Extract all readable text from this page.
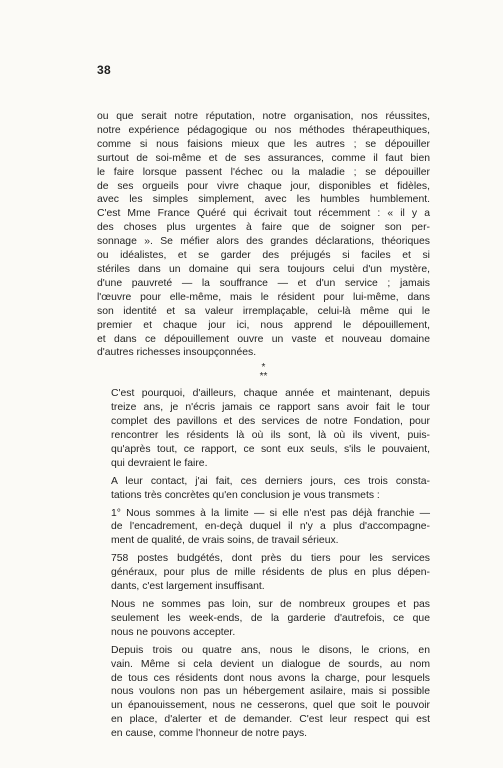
38

ou que serait notre réputation, notre organisation, nos réussites,
notre expérience pédagogique ou nos méthodes thérapeuthiques,
comme si nous faisions mieux que les autres ; se dépouiller
surtout de soi-même et de ses assurances, comme il faut bien
le faire lorsque passent l'échec ou la maladie ; se dépouiller
de ses orgueils pour vivre chaque jour, disponibles et fidèles,
avec les simples simplement, avec les humbles humblement.
C'est Mme France Quéré qui écrivait tout récemment : « il y a
des choses plus urgentes à faire que de soigner son per-
sonnage ». Se méfier alors des grandes déclarations, théoriques
ou idéalistes, et se garder des préjugés si faciles et si
stériles dans un domaine qui sera toujours celui d'un mystère,
d'une pauvreté — la souffrance — et d'un service ; jamais
l'œuvre pour elle-même, mais le résident pour lui-même, dans
son identité et sa valeur irremplaçable, celui-là même qui le
premier et chaque jour ici, nous apprend le dépouillement,
et dans ce dépouillement ouvre un vaste et nouveau domaine
d'autres richesses insoupçonnées.

*
**

C'est pourquoi, d'ailleurs, chaque année et maintenant, depuis
treize ans, je n'écris jamais ce rapport sans avoir fait le tour
complet des pavillons et des services de notre Fondation, pour
rencontrer les résidents là où ils sont, là où ils vivent, puis-
qu'après tout, ce rapport, ce sont eux seuls, s'ils le pouvaient,
qui devraient le faire.

A leur contact, j'ai fait, ces derniers jours, ces trois consta-
tations très concrètes qu'en conclusion je vous transmets :

1° Nous sommes à la limite — si elle n'est pas déjà franchie —
de l'encadrement, en-deçà duquel il n'y a plus d'accompagne-
ment de qualité, de vrais soins, de travail sérieux.

758 postes budgétés, dont près du tiers pour les services
généraux, pour plus de mille résidents de plus en plus dépen-
dants, c'est largement insuffisant.

Nous ne sommes pas loin, sur de nombreux groupes et pas
seulement les week-ends, de la garderie d'autrefois, ce que
nous ne pouvons accepter.

Depuis trois ou quatre ans, nous le disons, le crions, en
vain. Même si cela devient un dialogue de sourds, au nom
de tous ces résidents dont nous avons la charge, pour lesquels
nous voulons non pas un hébergement asilaire, mais si possible
un épanouissement, nous ne cesserons, quel que soit le pouvoir
en place, d'alerter et de demander. C'est leur respect qui est
en cause, comme l'honneur de notre pays.
